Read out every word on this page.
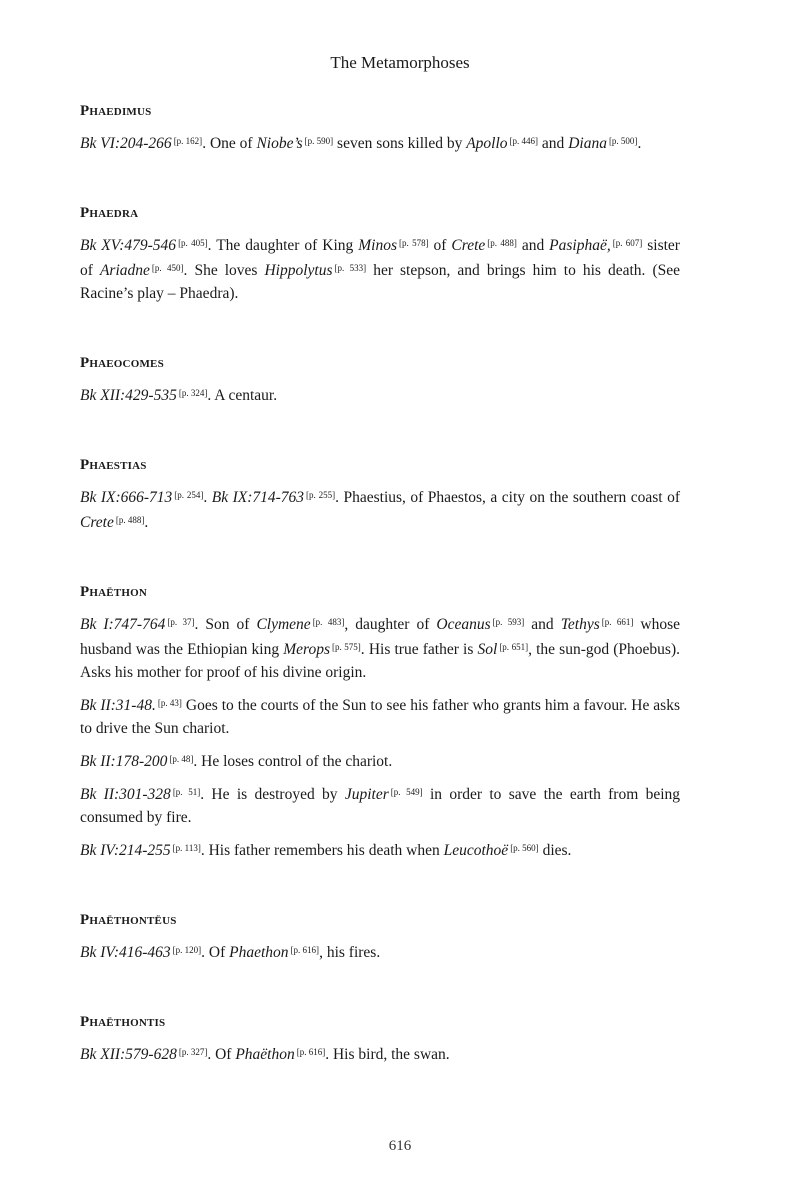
The Metamorphoses
Phaedimus

Bk VI:204-266 [p. 162]. One of Niobe’s [p. 590] seven sons killed by Apollo [p. 446] and Diana [p. 500].

Phaedra

Bk XV:479-546 [p. 405]. The daughter of King Minos [p. 578] of Crete [p. 488] and Pasiphaë, [p. 607] sister of Ariadne [p. 450]. She loves Hippolytus [p. 533] her stepson, and brings him to his death. (See Racine’s play – Phaedra).

Phaeocomes

Bk XII:429-535 [p. 324]. A centaur.

Phaestias

Bk IX:666-713 [p. 254]. Bk IX:714-763 [p. 255]. Phaestius, of Phaestos, a city on the southern coast of Crete [p. 488].

Phaëthon

Bk I:747-764 [p. 37]. Son of Clymene [p. 483], daughter of Oceanus [p. 593] and Tethys [p. 661] whose husband was the Ethiopian king Merops [p. 575]. His true father is Sol [p. 651], the sun-god (Phoebus). Asks his mother for proof of his divine origin.

Bk II:31-48. [p. 43] Goes to the courts of the Sun to see his father who grants him a favour. He asks to drive the Sun chariot.

Bk II:178-200 [p. 48]. He loses control of the chariot.

Bk II:301-328 [p. 51]. He is destroyed by Jupiter [p. 549] in order to save the earth from being consumed by fire.

Bk IV:214-255 [p. 113]. His father remembers his death when Leucothoë [p. 560] dies.

Phaëthontëus

Bk IV:416-463 [p. 120]. Of Phaethon [p. 616], his fires.

Phaëthontis

Bk XII:579-628 [p. 327]. Of Phaëthon [p. 616]. His bird, the swan.

616
